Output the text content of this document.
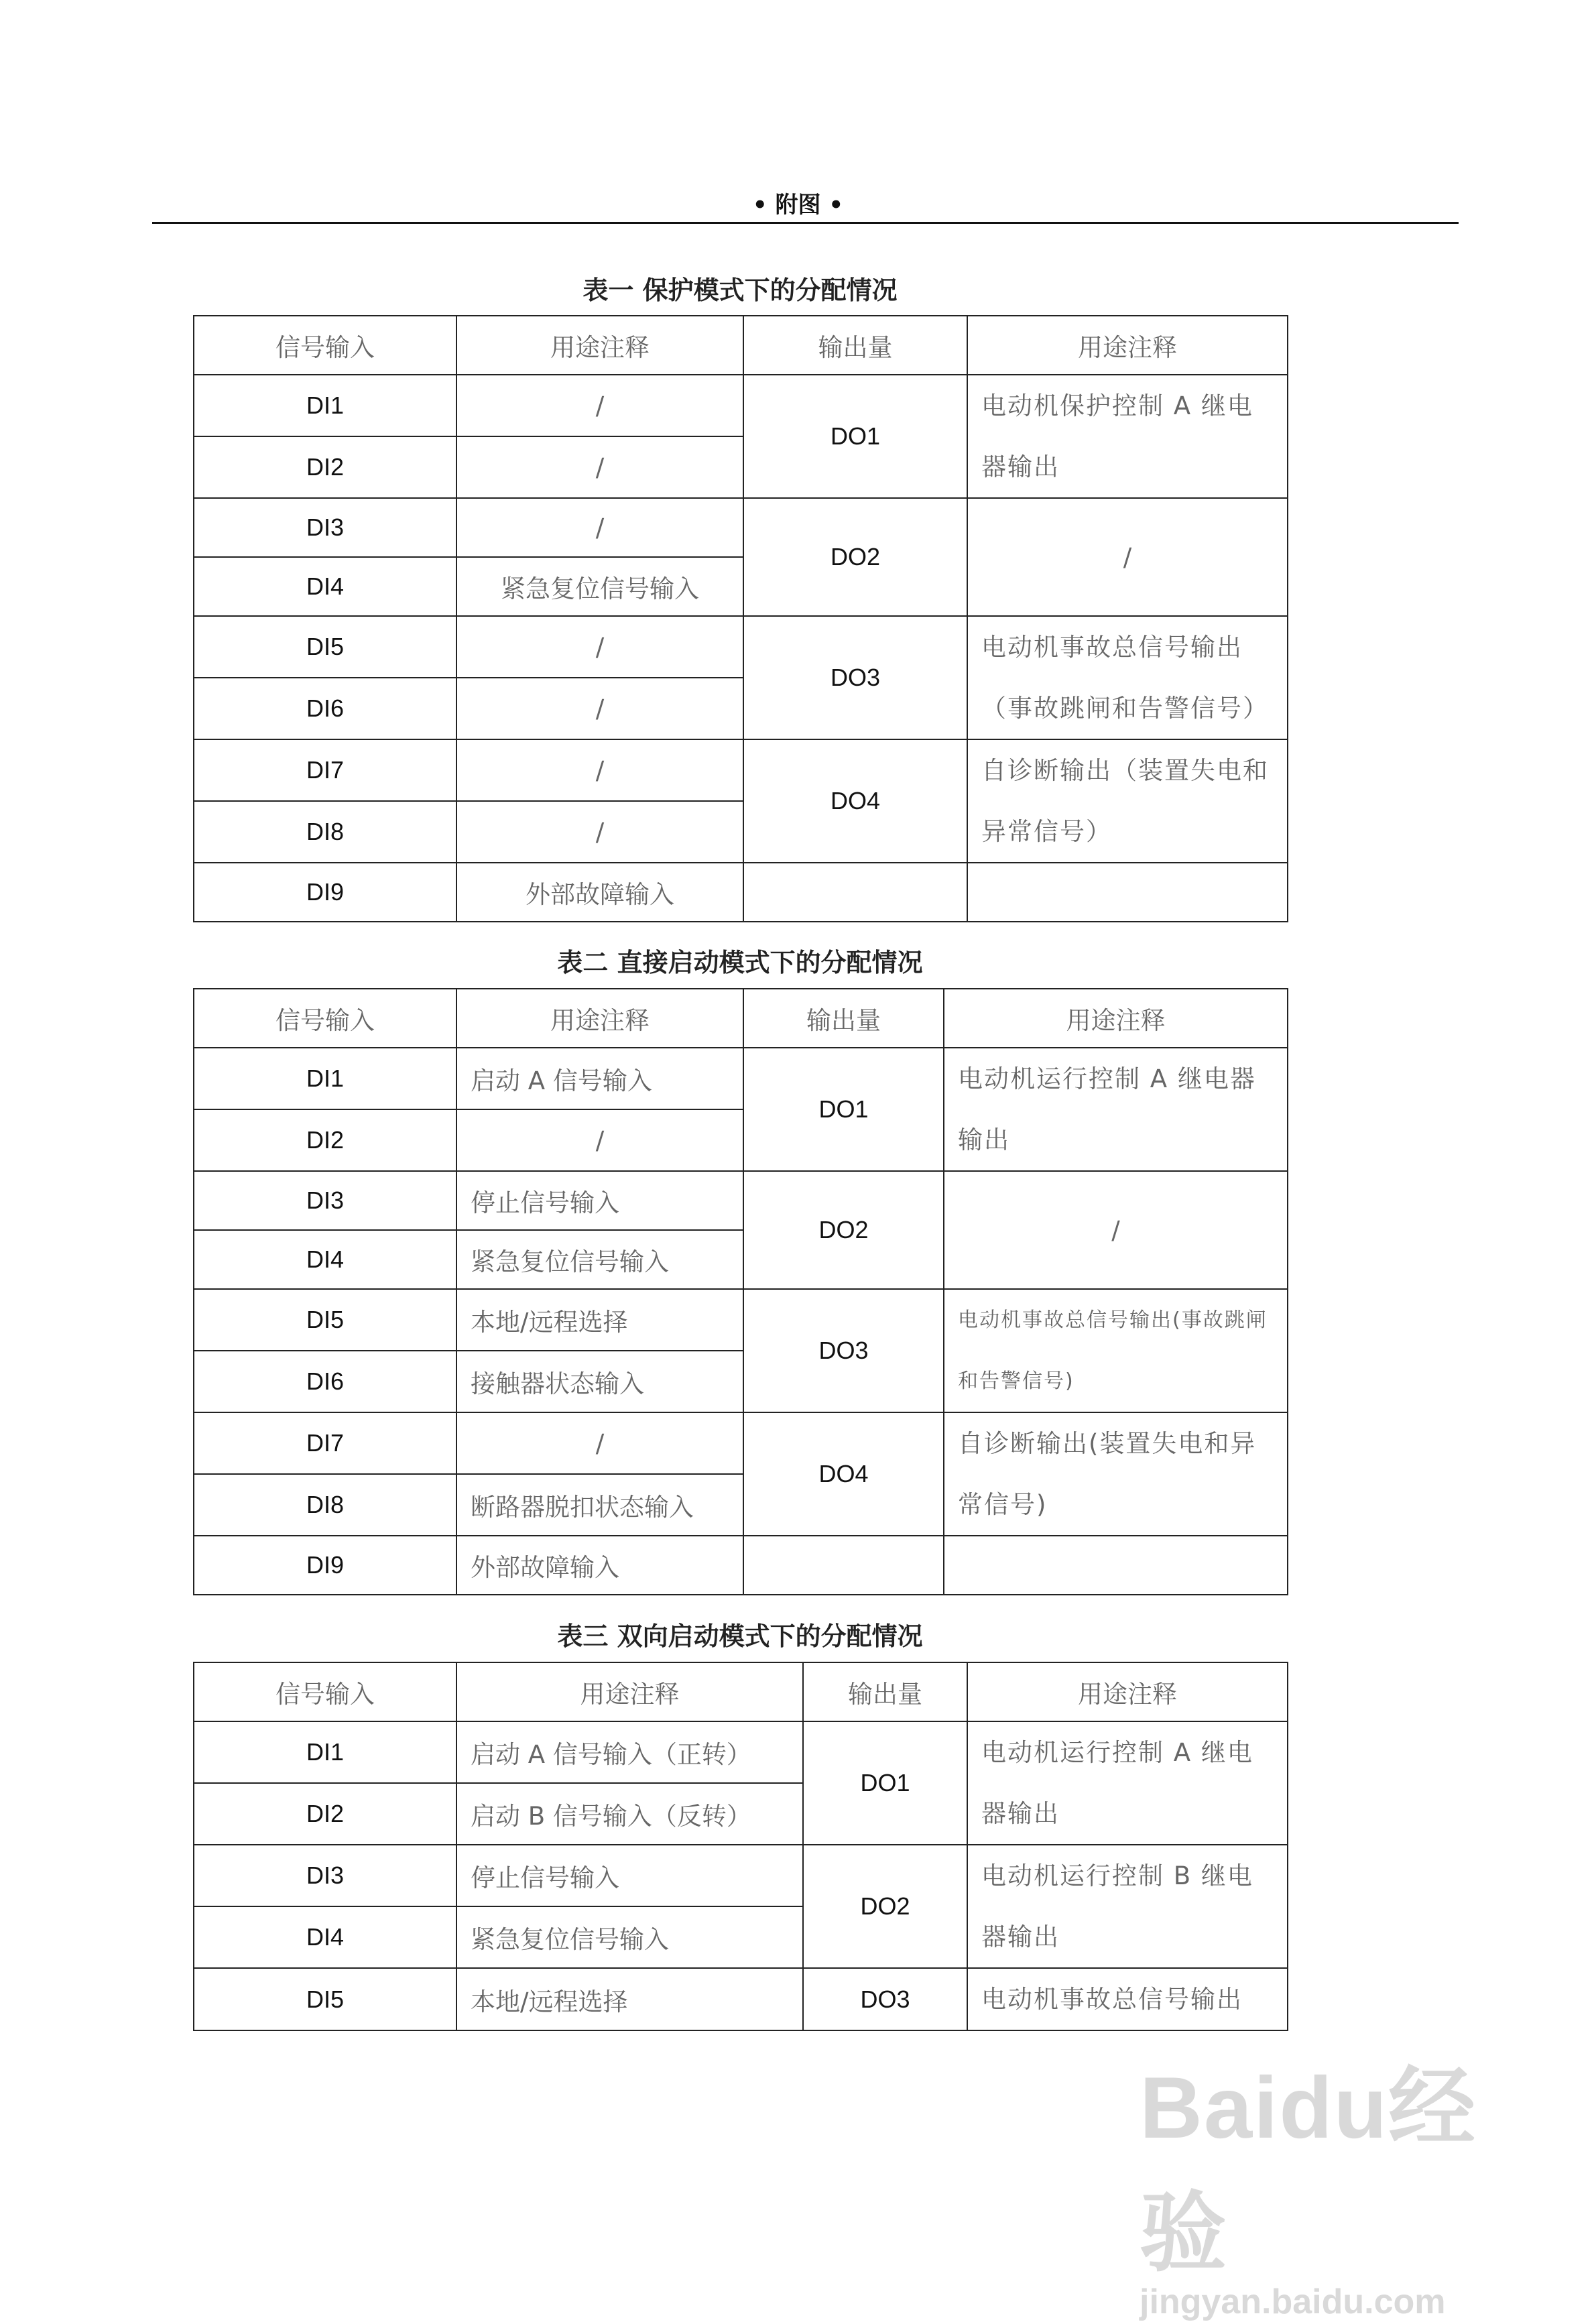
• 附图 •
表一 保护模式下的分配情况
信号输入	用途注释	输出量	用途注释
DI1	/	DO1	电动机保护控制 A 继电器输出
DI2	/		
DI3	/	DO2	/
DI4	紧急复位信号输入		
DI5	/	DO3	电动机事故总信号输出（事故跳闸和告警信号）
DI6	/		
DI7	/	DO4	自诊断输出（装置失电和异常信号）
DI8	/		
DI9	外部故障输入		
表二 直接启动模式下的分配情况
信号输入	用途注释	输出量	用途注释
DI1	启动 A 信号输入	DO1	电动机运行控制 A 继电器输出
DI2	/		
DI3	停止信号输入	DO2	/
DI4	紧急复位信号输入		
DI5	本地/远程选择	DO3	电动机事故总信号输出(事故跳闸和告警信号)
DI6	接触器状态输入		
DI7	/	DO4	自诊断输出(装置失电和异常信号)
DI8	断路器脱扣状态输入		
DI9	外部故障输入		
表三 双向启动模式下的分配情况
信号输入	用途注释	输出量	用途注释
DI1	启动 A 信号输入（正转）	DO1	电动机运行控制 A 继电器输出
DI2	启动 B 信号输入（反转）		
DI3	停止信号输入	DO2	电动机运行控制 B 继电器输出
DI4	紧急复位信号输入		
DI5	本地/远程选择	DO3	电动机事故总信号输出
Baidu经验
jingyan.baidu.com
